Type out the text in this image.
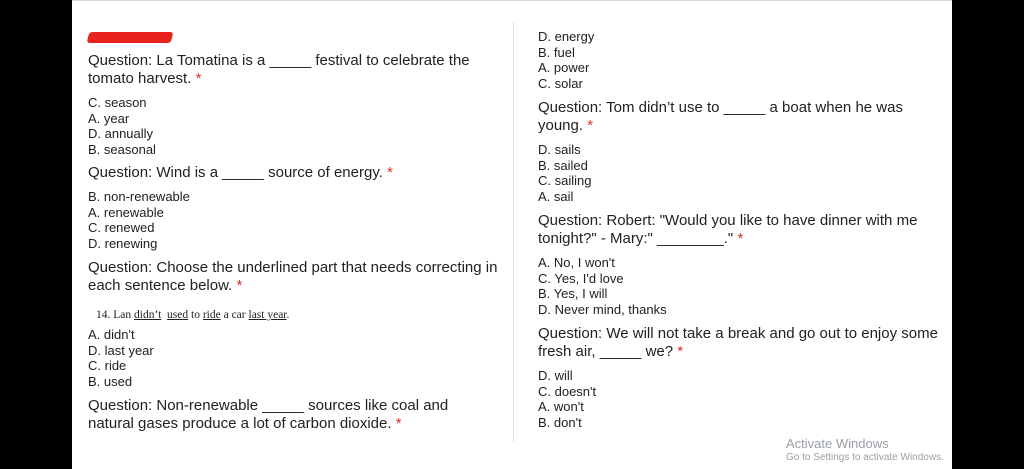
Question: La Tomatina is a _____ festival to celebrate the tomato harvest. *

C. season
A. year
D. annually
B. seasonal

Question: Wind is a _____ source of energy. *

B. non-renewable
A. renewable
C. renewed
D. renewing

Question: Choose the underlined part that needs correcting in each sentence below. *

14. Lan didn’t used to ride a car last year.
A. didn't
D. last year
C. ride
B. used

Question: Non-renewable _____ sources like coal and natural gases produce a lot of carbon dioxide. *

D. energy
B. fuel
A. power
C. solar

Question: Tom didn’t use to _____ a boat when he was young. *

D. sails
B. sailed
C. sailing
A. sail

Question: Robert: "Would you like to have dinner with me tonight?" - Mary:" ________." *

A. No, I won't
C. Yes, I'd love
B. Yes, I will
D. Never mind, thanks

Question: We will not take a break and go out to enjoy some fresh air, _____ we? *

D. will
C. doesn't
A. won't
B. don't
Activate Windows
Go to Settings to activate Windows.
